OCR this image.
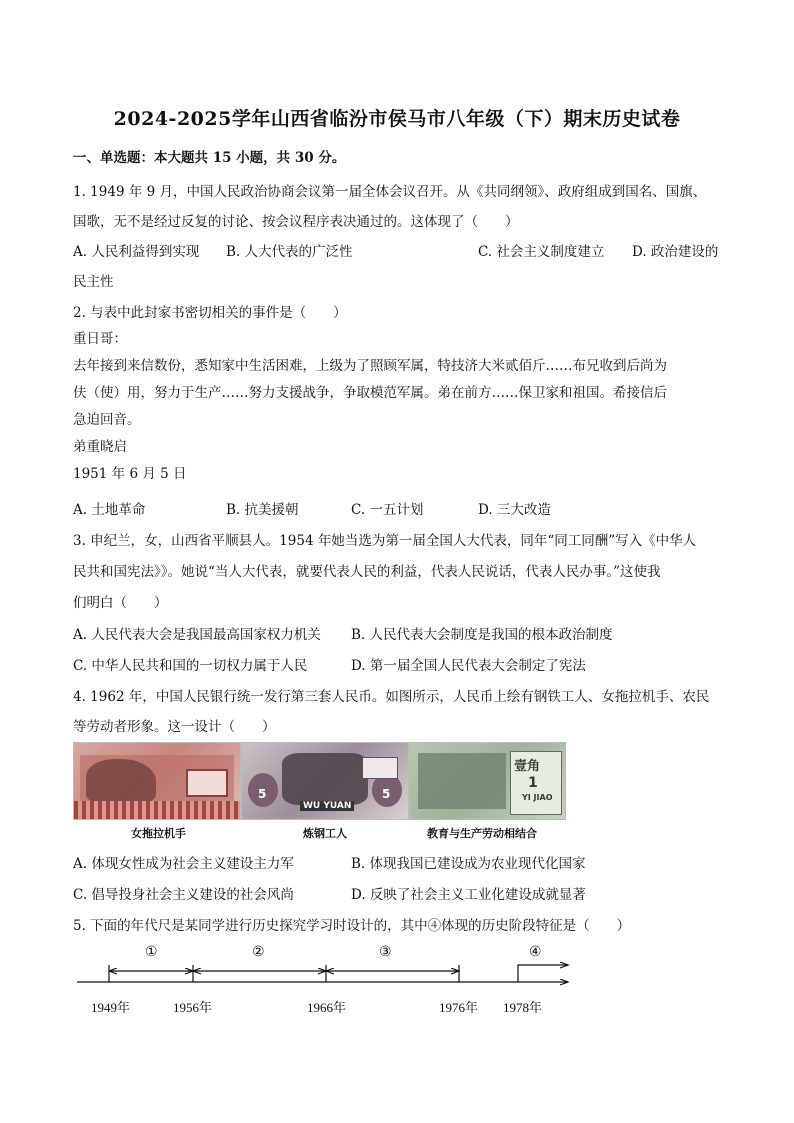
2024-2025学年山西省临汾市侯马市八年级（下）期末历史试卷
一、单选题：本大题共 15 小题，共 30 分。
1. 1949 年 9 月，中国人民政治协商会议第一届全体会议召开。从《共同纲领》、政府组成到国名、国旗、
国歌，无不是经过反复的讨论、按会议程序表决通过的。这体现了（　　）
A. 人民利益得到实现 B. 人大代表的广泛性	C. 社会主义制度建立 D. 政治建设的
民主性
2. 与表中此封家书密切相关的事件是（　　）
重日哥：
去年接到来信数份，悉知家中生活困难，上级为了照顾军属，特技济大米贰佰斤……布兄收到后尚为
伕（使）用，努力于生产……努力支援战争，争取模范军属。弟在前方……保卫家和祖国。希接信后
急迫回音。
弟重晓启
1951 年 6 月 5 日
A. 土地革命	B. 抗美援朝	C. 一五计划	D. 三大改造
3. 申纪兰，女，山西省平顺县人。1954 年她当选为第一届全国人大代表，同年“同工同酬”写入《中华人
民共和国宪法》》。她说“当人大代表，就要代表人民的利益，代表人民说话，代表人民办事。”这使我
们明白（　　）
A. 人民代表大会是我国最高国家权力机关 B. 人民代表大会制度是我国的根本政治制度
C. 中华人民共和国的一切权力属于人民	D. 第一届全国人民代表大会制定了宪法
4. 1962 年，中国人民银行统一发行第三套人民币。如图所示，人民币上绘有钢铁工人、女拖拉机手、农民
等劳动者形象。这一设计（　　）
WU YUAN
5	5
壹角
1
YI JIAO
女拖拉机手	炼钢工人	教育与生产劳动相结合
A. 体现女性成为社会主义建设主力军	B. 体现我国已建设成为农业现代化国家
C. 倡导投身社会主义建设的社会风尚	D. 反映了社会主义工业化建设成就显著
5. 下面的年代尺是某同学进行历史探究学习时设计的，其中④体现的历史阶段特征是（　　）
①	②	③	④
1949年	1956年	1966年	1976年 1978年
